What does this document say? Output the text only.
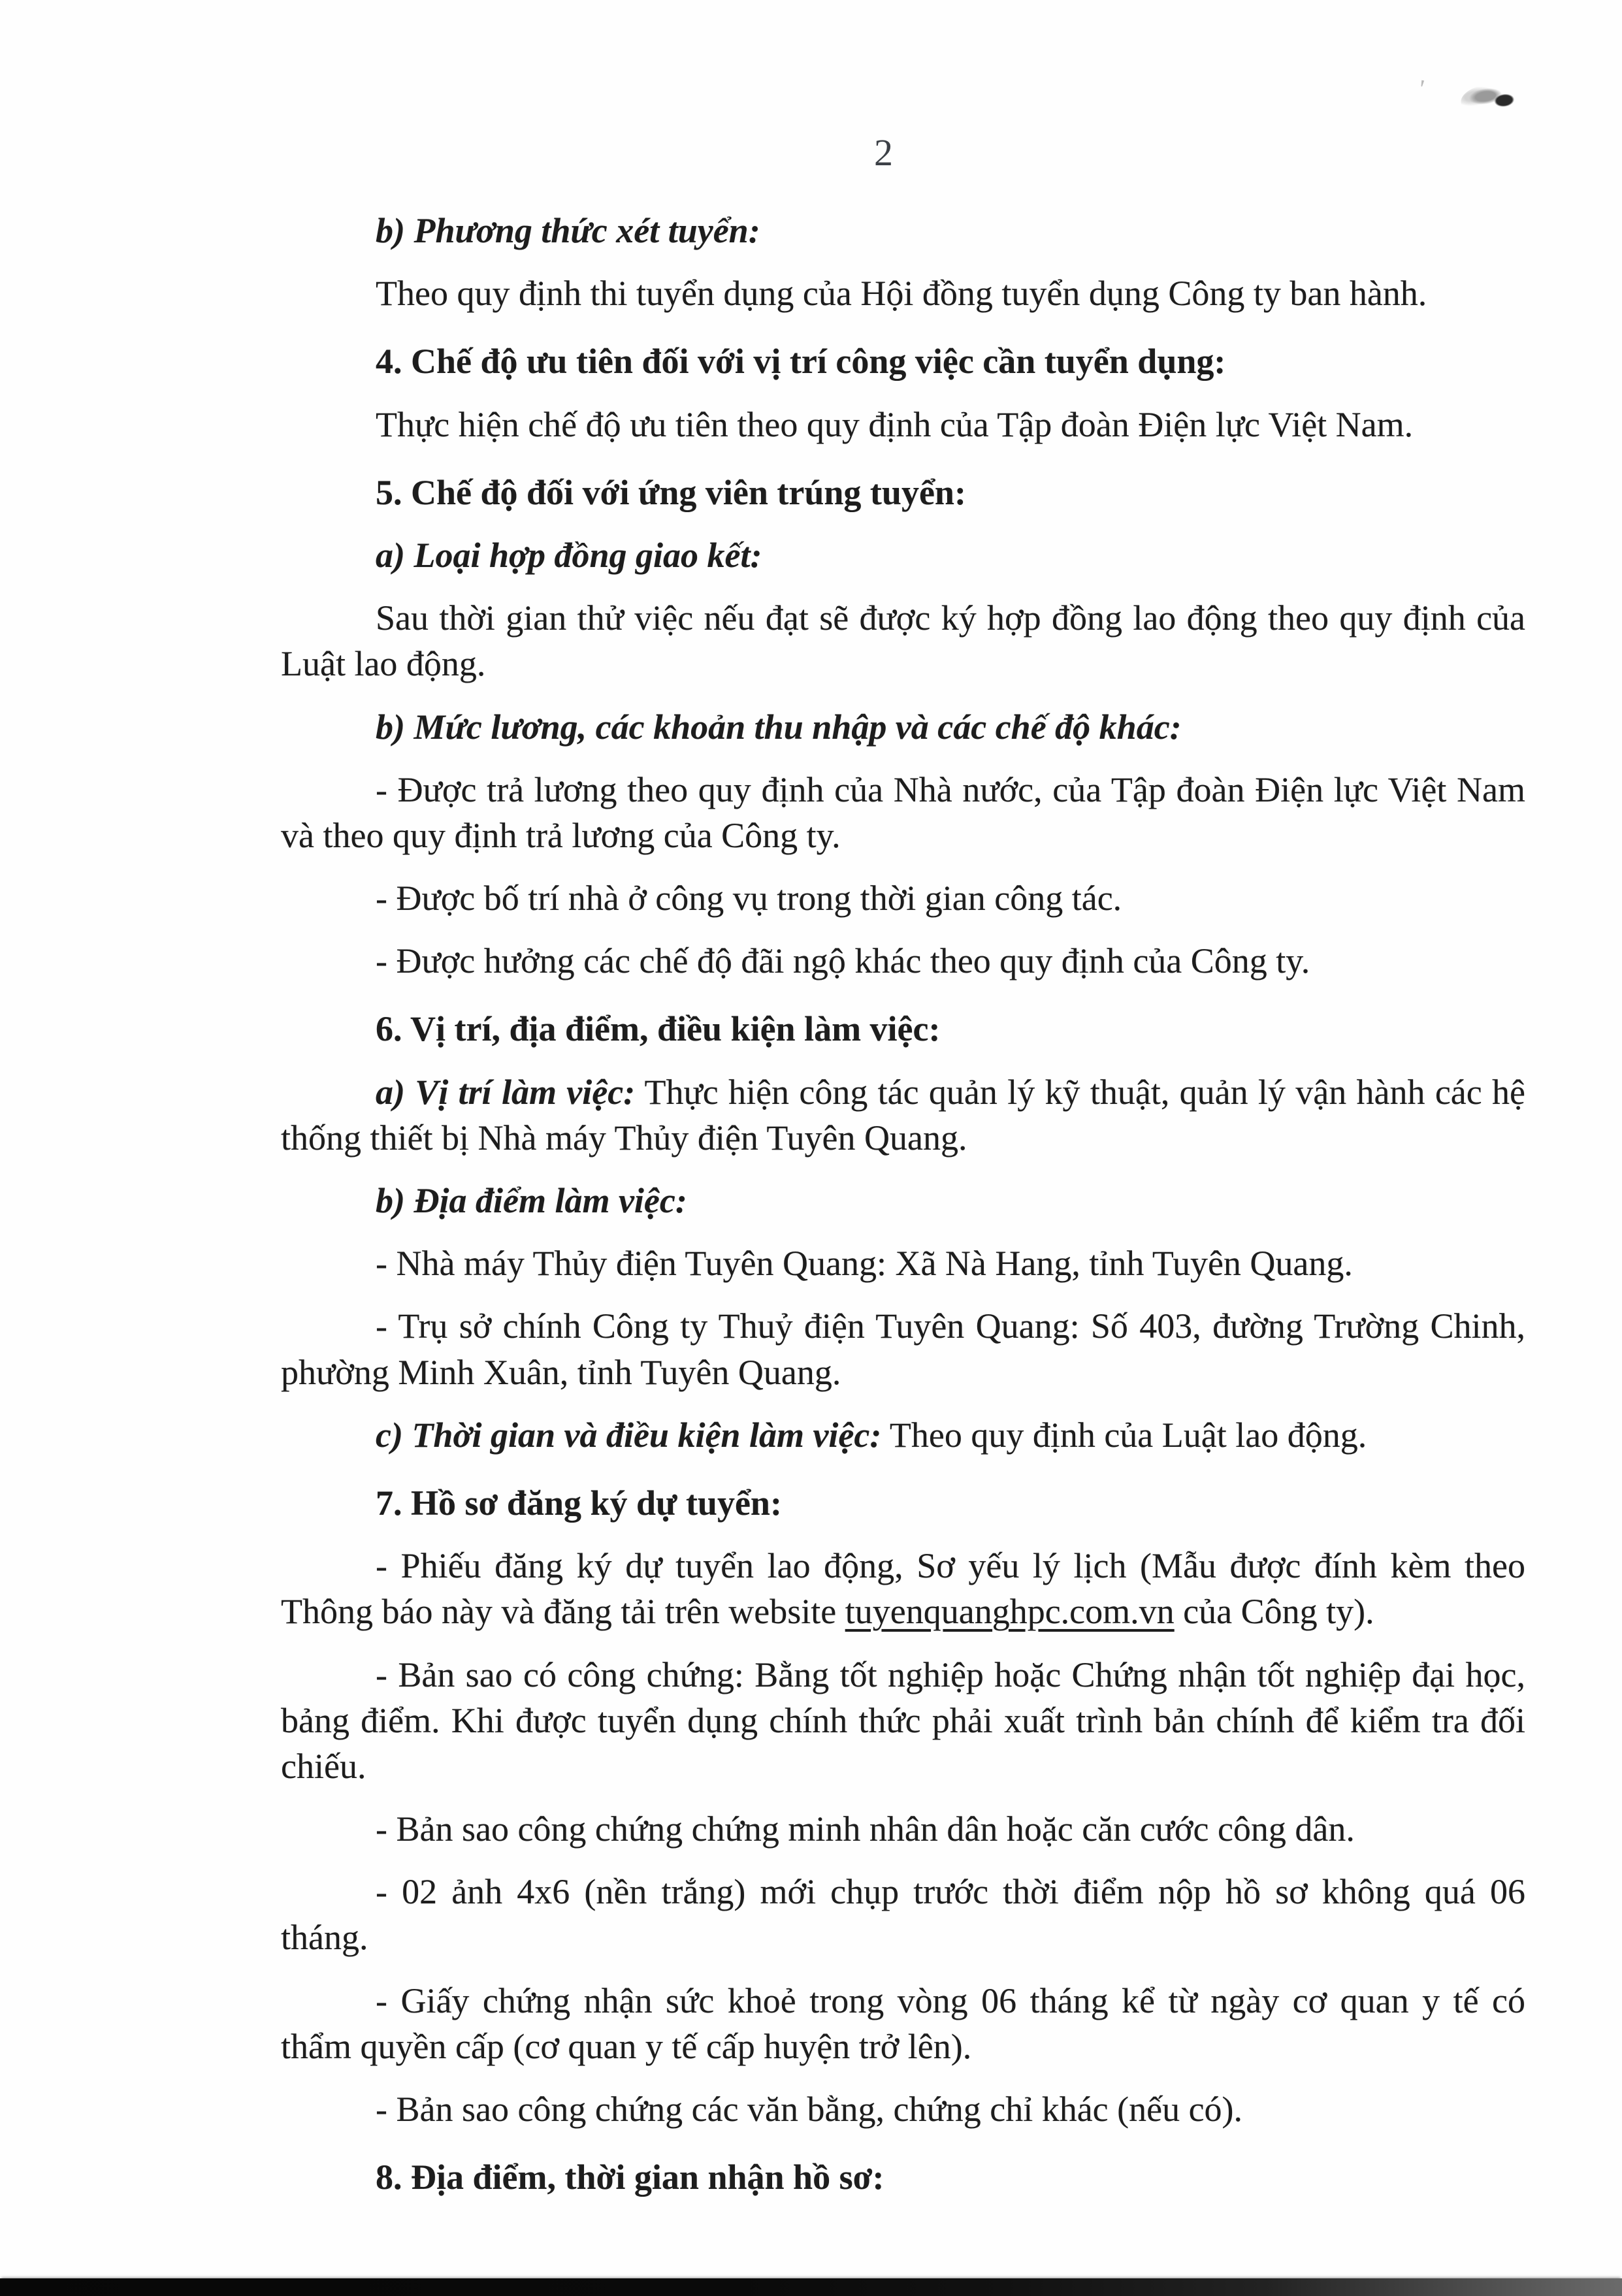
2
'

b) Phương thức xét tuyển:

Theo quy định thi tuyển dụng của Hội đồng tuyển dụng Công ty ban hành.

4. Chế độ ưu tiên đối với vị trí công việc cần tuyển dụng:

Thực hiện chế độ ưu tiên theo quy định của Tập đoàn Điện lực Việt Nam.

5. Chế độ đối với ứng viên trúng tuyển:

a) Loại hợp đồng giao kết:

Sau thời gian thử việc nếu đạt sẽ được ký hợp đồng lao động theo quy định của Luật lao động.

b) Mức lương, các khoản thu nhập và các chế độ khác:

- Được trả lương theo quy định của Nhà nước, của Tập đoàn Điện lực Việt Nam và theo quy định trả lương của Công ty.

- Được bố trí nhà ở công vụ trong thời gian công tác.

- Được hưởng các chế độ đãi ngộ khác theo quy định của Công ty.

6. Vị trí, địa điểm, điều kiện làm việc:

a) Vị trí làm việc: Thực hiện công tác quản lý kỹ thuật, quản lý vận hành các hệ thống thiết bị Nhà máy Thủy điện Tuyên Quang.

b) Địa điểm làm việc:

- Nhà máy Thủy điện Tuyên Quang: Xã Nà Hang, tỉnh Tuyên Quang.

- Trụ sở chính Công ty Thuỷ điện Tuyên Quang: Số 403, đường Trường Chinh, phường Minh Xuân, tỉnh Tuyên Quang.

c) Thời gian và điều kiện làm việc: Theo quy định của Luật lao động.

7. Hồ sơ đăng ký dự tuyển:

- Phiếu đăng ký dự tuyển lao động, Sơ yếu lý lịch (Mẫu được đính kèm theo Thông báo này và đăng tải trên website tuyenquanghpc.com.vn của Công ty).

- Bản sao có công chứng: Bằng tốt nghiệp hoặc Chứng nhận tốt nghiệp đại học, bảng điểm. Khi được tuyển dụng chính thức phải xuất trình bản chính để kiểm tra đối chiếu.

- Bản sao công chứng chứng minh nhân dân hoặc căn cước công dân.

- 02 ảnh 4x6 (nền trắng) mới chụp trước thời điểm nộp hồ sơ không quá 06 tháng.

- Giấy chứng nhận sức khoẻ trong vòng 06 tháng kể từ ngày cơ quan y tế có thẩm quyền cấp (cơ quan y tế cấp huyện trở lên).

- Bản sao công chứng các văn bằng, chứng chỉ khác (nếu có).

8. Địa điểm, thời gian nhận hồ sơ:
